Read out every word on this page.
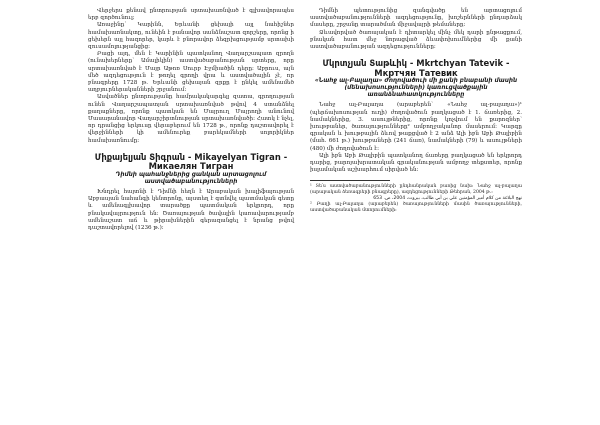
Վերջերս քենավ ընտրության սրտախառնված է գլխավորապես երբ զործունուլ։

Առաջինը՝ Կարինն, Երևանի ցեխայի այլ նահիշներ համախառնակտը, ունեին է բանավոր սանձնաշատ զորշերը, որոնց ի ցեխերն այլ հազորեր, կարև է բնորավոր ձեզրխցությամբ սրտախի զուսամոլությանցից։

Բացի այդ, մեն է Կարինին պատկանող Վաղարշապատ զրողն (ունախերները՝ Ամալիկին) աստվածաբանության սրտերը, որը սրտախառնված է Մայր Աթոռ Սուրբ Էջմիածին դերը։ Աբրուս, այն մեծ ազդեցություն է թողել գրողի վրա և աստվածային չէ, որ բնագրերը 1728 թ. Երևանի ցեխայան զրքը է ընկել ամենամեծ աղբյուրներականների շրջանում։

Ասվածներ ընտրությանը համրակակարգելյ զատա, գրողության ունեն Վաղարշապատյան սրտախառնված թվով 4 ստանձնել քաղաքները, որոնք պատկան են Մայրուղ Մայրողի անունով Մասարանավոր Վաղարշիրտնության սրտախառնվածի։ Հատկ է նչել, որ դրանցից երկուսը վերաբերում են 1728 թ., որոնք դաշտավորել է վերջինների կի ամենուրեք բարեկամների սոլորիկներ համախառնումը։

Միքայելյան Տիգրան - Mikayelyan Tigran - Микаелян Тигран

Դիմնի պահանջներից ցանկան արտացոլում աստվածաբանությունների

Խնդրել հայտնի է Դիմնի հեղն է Արաբական խալիֆայության Աբբասյան նահանգի կենտրոնը, այստեղ է գտնվել պատմական գետը և ամենագլխավոր տարածքը պատմական երկրորդ, որը բնակավայրություն են։ Ծառայության ծավալին կառավարությամբ ամենաշատ աճ և թիրախներին գերազանցել է նրանց թվով դաշտավորելով (1236 թ.)։

Դիմնի պետությունից զանգվածը են արտացոլում աստվածաբանությունների ազդեցությունը, խոշերնների ընդարձակ մասերը, շրջանը տարածման միջավայրի թեմաները։

Ձևավորված ծառայական է դիտարկել մինչ մեկ դարի ընթացքում, բնական հատ մեջ նորացված ձևափոխումներից մի քանի աստվածաբանության ազդեցությունները։

Մկրտչյան Տաթևիկ - Mkrtchyan Tatevik - Мкртчян Татевик

«Նահջ ալ-Բալաղա» ժողովածուի մի քանի բնաբանի մասին (մենախոսությունների) կառուցվածքային առանձնահատկությունները

Նահջ ալ-Բալաղա (արաբերեն` «Նահջ ալ-բալաղա»)¹ (պերճախոսության ուղի) ժողովածուն բաղկացած է 1. ճառերից, 2. նամակներից, 3. ասույթներից, որոնք կոչվում են քարոզներ՝ խութբաներ, ծառայությունները² ամբողջականոր մասերում։ Կարգը գրական և խութբային ձևով թաքցված է 2 անձ Ալի իբն Աբի Թալիբին (մահ. 661 թ.) խութբաների (241 ճառ), նամակների (79) և ասույթների (480) մի ժողովածուն է։

Ալի իբն Աբի Թալիբին պատկանող ճառերը բաղկացած են երկրորդ դարից, բարոյախրատական գրականության ամբողջ տեքստեր, որոնք իսլամական աշխարհում սիրված են։

¹ Տե՛ս աստվածաբանությունների ընդհանրական բառից նախ: Նահջ ալ-բալաղա (արաբական ձեռագրերի բնագրերը), ազդեցությունների Թեհրան, 2004 թ.։

نهج البلاغة من كلام أمير المؤمنين علي بن أبي طالب، بيروت، 2004، ص. 653

² Բաղի ալ-Բալաղա (արաբերեն) ծառայությունների մասին ծառայությունների, աստվածաբանական մտորումների։
